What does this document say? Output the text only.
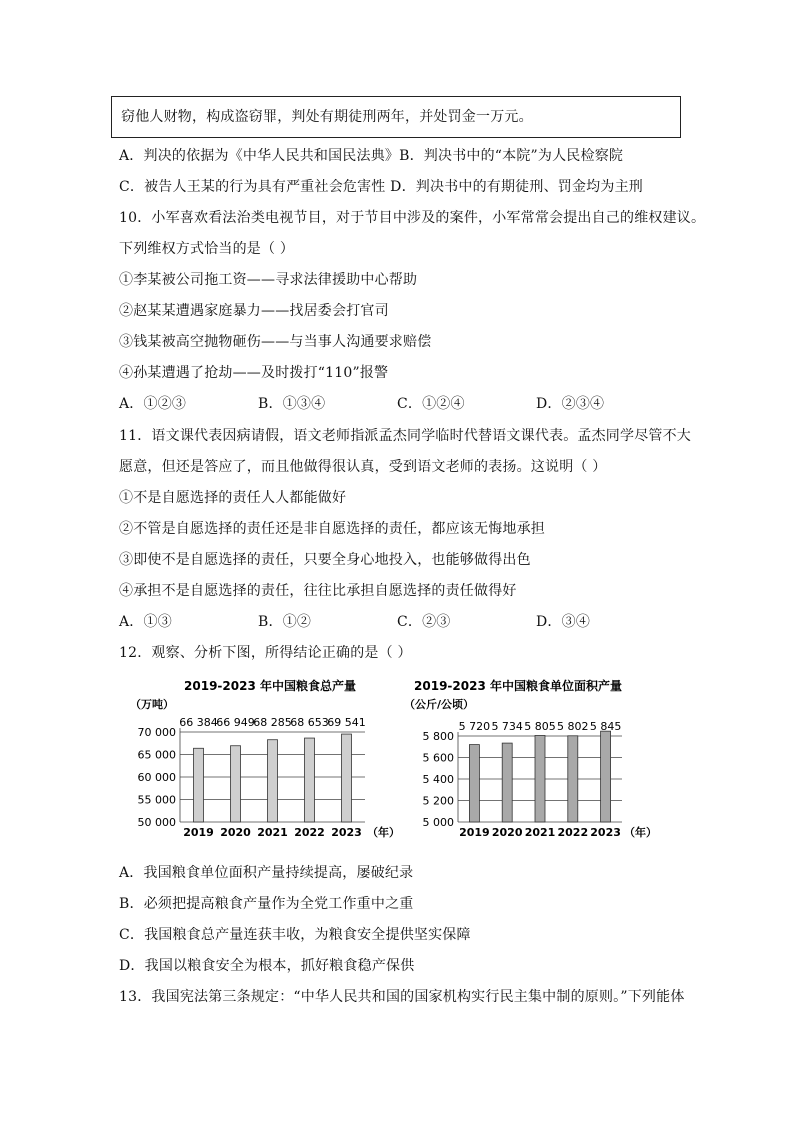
窃他人财物，构成盗窃罪，判处有期徒刑两年，并处罚金一万元。
A．判决的依据为《中华人民共和国民法典》B．判决书中的“本院”为人民检察院
C．被告人王某的行为具有严重社会危害性 D．判决书中的有期徒刑、罚金均为主刑
10．小军喜欢看法治类电视节目，对于节目中涉及的案件，小军常常会提出自己的维权建议。
下列维权方式恰当的是（ ）
①李某被公司拖工资——寻求法律援助中心帮助
②赵某某遭遇家庭暴力——找居委会打官司
③钱某被高空抛物砸伤——与当事人沟通要求赔偿
④孙某遭遇了抢劫——及时拨打“110”报警
A．①②③	B．①③④	C．①②④	D．②③④
11．语文课代表因病请假，语文老师指派孟杰同学临时代替语文课代表。孟杰同学尽管不大
愿意，但还是答应了，而且他做得很认真，受到语文老师的表扬。这说明（ ）
①不是自愿选择的责任人人都能做好
②不管是自愿选择的责任还是非自愿选择的责任，都应该无悔地承担
③即使不是自愿选择的责任，只要全身心地投入，也能够做得出色
④承担不是自愿选择的责任，往往比承担自愿选择的责任做得好
A．①③	B．①②	C．②③	D．③④
12．观察、分析下图，所得结论正确的是（ ）
2019-2023 年中国粮食总产量
（万吨）
50 000
55 000
60 000
65 000
70 000
66 384
2019
66 949
2020
68 285
2021
68 653
2022
69 541
2023 （年）
2019-2023 年中国粮食单位面积产量
（公斤/公顷）
5 000
5 200
5 400
5 600
5 800
5 720
2019
5 734
2020
5 805
2021
5 802
2022
5 845
2023 （年）
A．我国粮食单位面积产量持续提高，屡破纪录
B．必须把提高粮食产量作为全党工作重中之重
C．我国粮食总产量连获丰收，为粮食安全提供坚实保障
D．我国以粮食安全为根本，抓好粮食稳产保供
13．我国宪法第三条规定：“中华人民共和国的国家机构实行民主集中制的原则。”下列能体
